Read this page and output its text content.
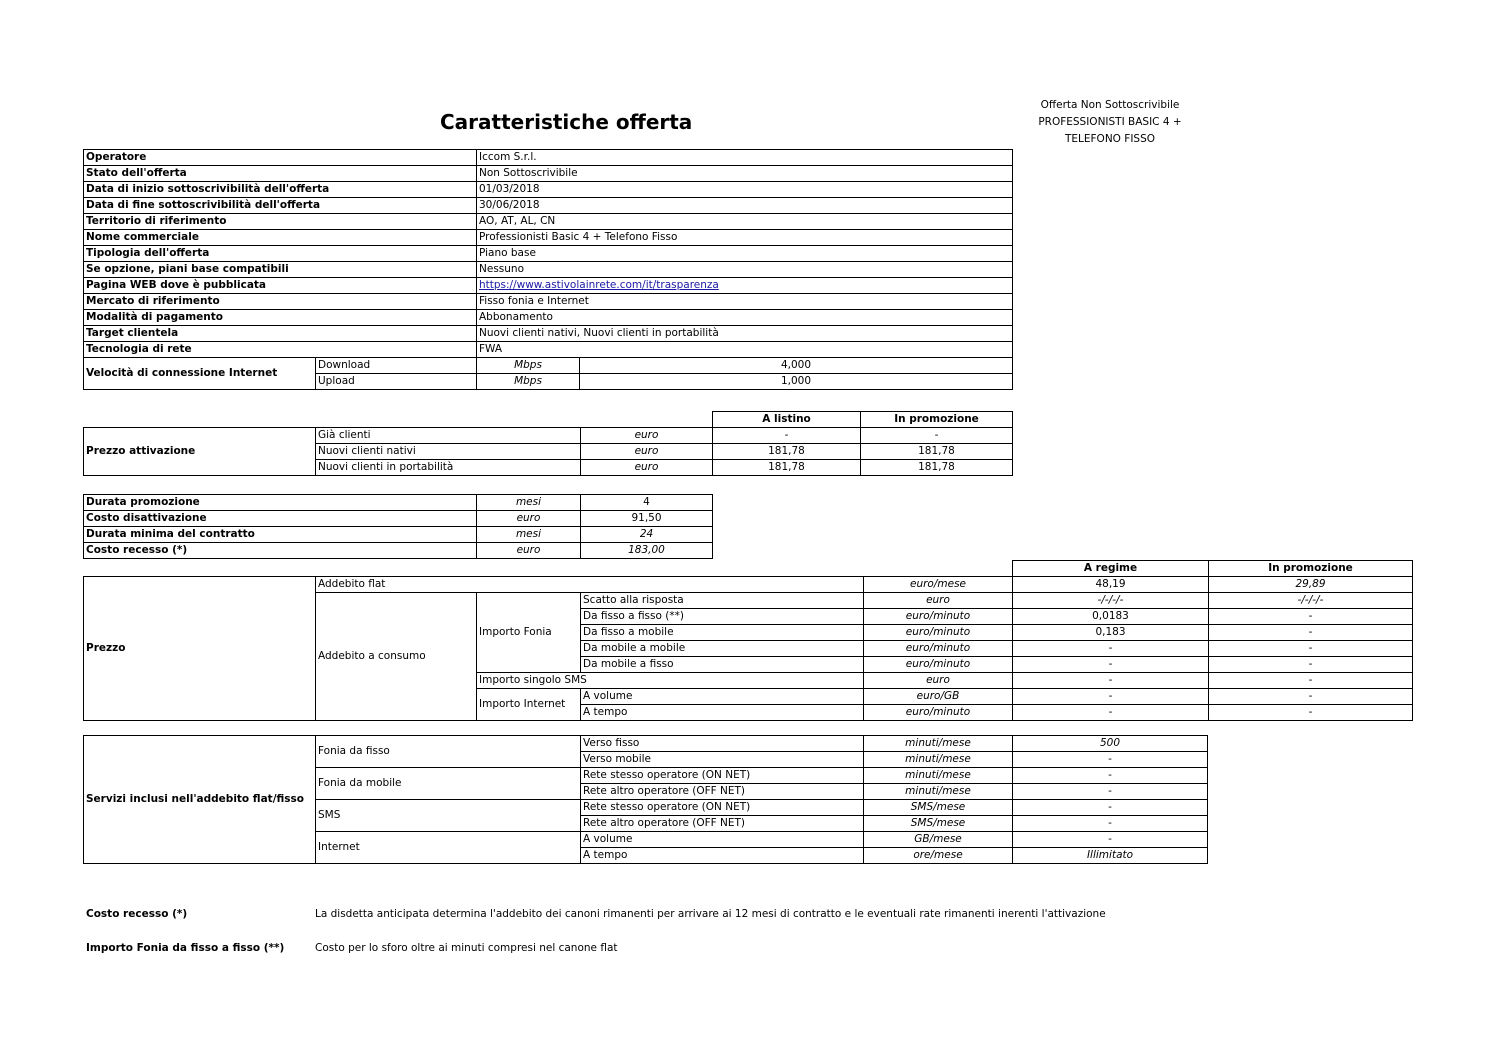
Caratteristiche offerta
Offerta Non Sottoscrivibile
PROFESSIONISTI BASIC 4 +
TELEFONO FISSO
Operatore		Iccom S.r.l.	
Stato dell'offerta		Non Sottoscrivibile	
Data di inizio sottoscrivibilità dell'offerta		01/03/2018	
Data di fine sottoscrivibilità dell'offerta		30/06/2018	
Territorio di riferimento		AO, AT, AL, CN	
Nome commerciale		Professionisti Basic 4 + Telefono Fisso	
Tipologia dell'offerta		Piano base	
Se opzione, piani base compatibili		Nessuno	
Pagina WEB dove è pubblicata		https://www.astivolainrete.com/it/trasparenza	
Mercato di riferimento		Fisso fonia e Internet	
Modalità di pagamento		Abbonamento	
Target clientela		Nuovi clienti nativi, Nuovi clienti in portabilità	
Tecnologia di rete		FWA	
Velocità di connessione Internet	Download	Mbps	4,000
	Upload	Mbps	1,000
			A listino	In promozione
Prezzo attivazione	Già clienti	euro	-	-
	Nuovi clienti nativi	euro	181,78	181,78
	Nuovi clienti in portabilità	euro	181,78	181,78
Durata promozione	mesi	4
Costo disattivazione	euro	91,50
Durata minima del contratto	mesi	24
Costo recesso (*)	euro	183,00
					A regime	In promozione
Prezzo	Addebito flat			euro/mese	48,19	29,89
	Addebito a consumo	Importo Fonia	Scatto alla risposta	euro	-/-/-/-	-/-/-/-
			Da fisso a fisso (**)	euro/minuto	0,0183	-
			Da fisso a mobile	euro/minuto	0,183	-
			Da mobile a mobile	euro/minuto	-	-
			Da mobile a fisso	euro/minuto	-	-
		Importo singolo SMS		euro	-	-
		Importo Internet	A volume	euro/GB	-	-
			A tempo	euro/minuto	-	-
Servizi inclusi nell'addebito flat/fisso	Fonia da fisso	Verso fisso	minuti/mese	500
		Verso mobile	minuti/mese	-
	Fonia da mobile	Rete stesso operatore (ON NET)	minuti/mese	-
		Rete altro operatore (OFF NET)	minuti/mese	-
	SMS	Rete stesso operatore (ON NET)	SMS/mese	-
		Rete altro operatore (OFF NET)	SMS/mese	-
	Internet	A volume	GB/mese	-
		A tempo	ore/mese	Illimitato
Costo recesso (*)	La disdetta anticipata determina l'addebito dei canoni rimanenti per arrivare ai 12 mesi di contratto e le eventuali rate rimanenti inerenti l'attivazione
Importo Fonia da fisso a fisso (**)	Costo per lo sforo oltre ai minuti compresi nel canone flat
